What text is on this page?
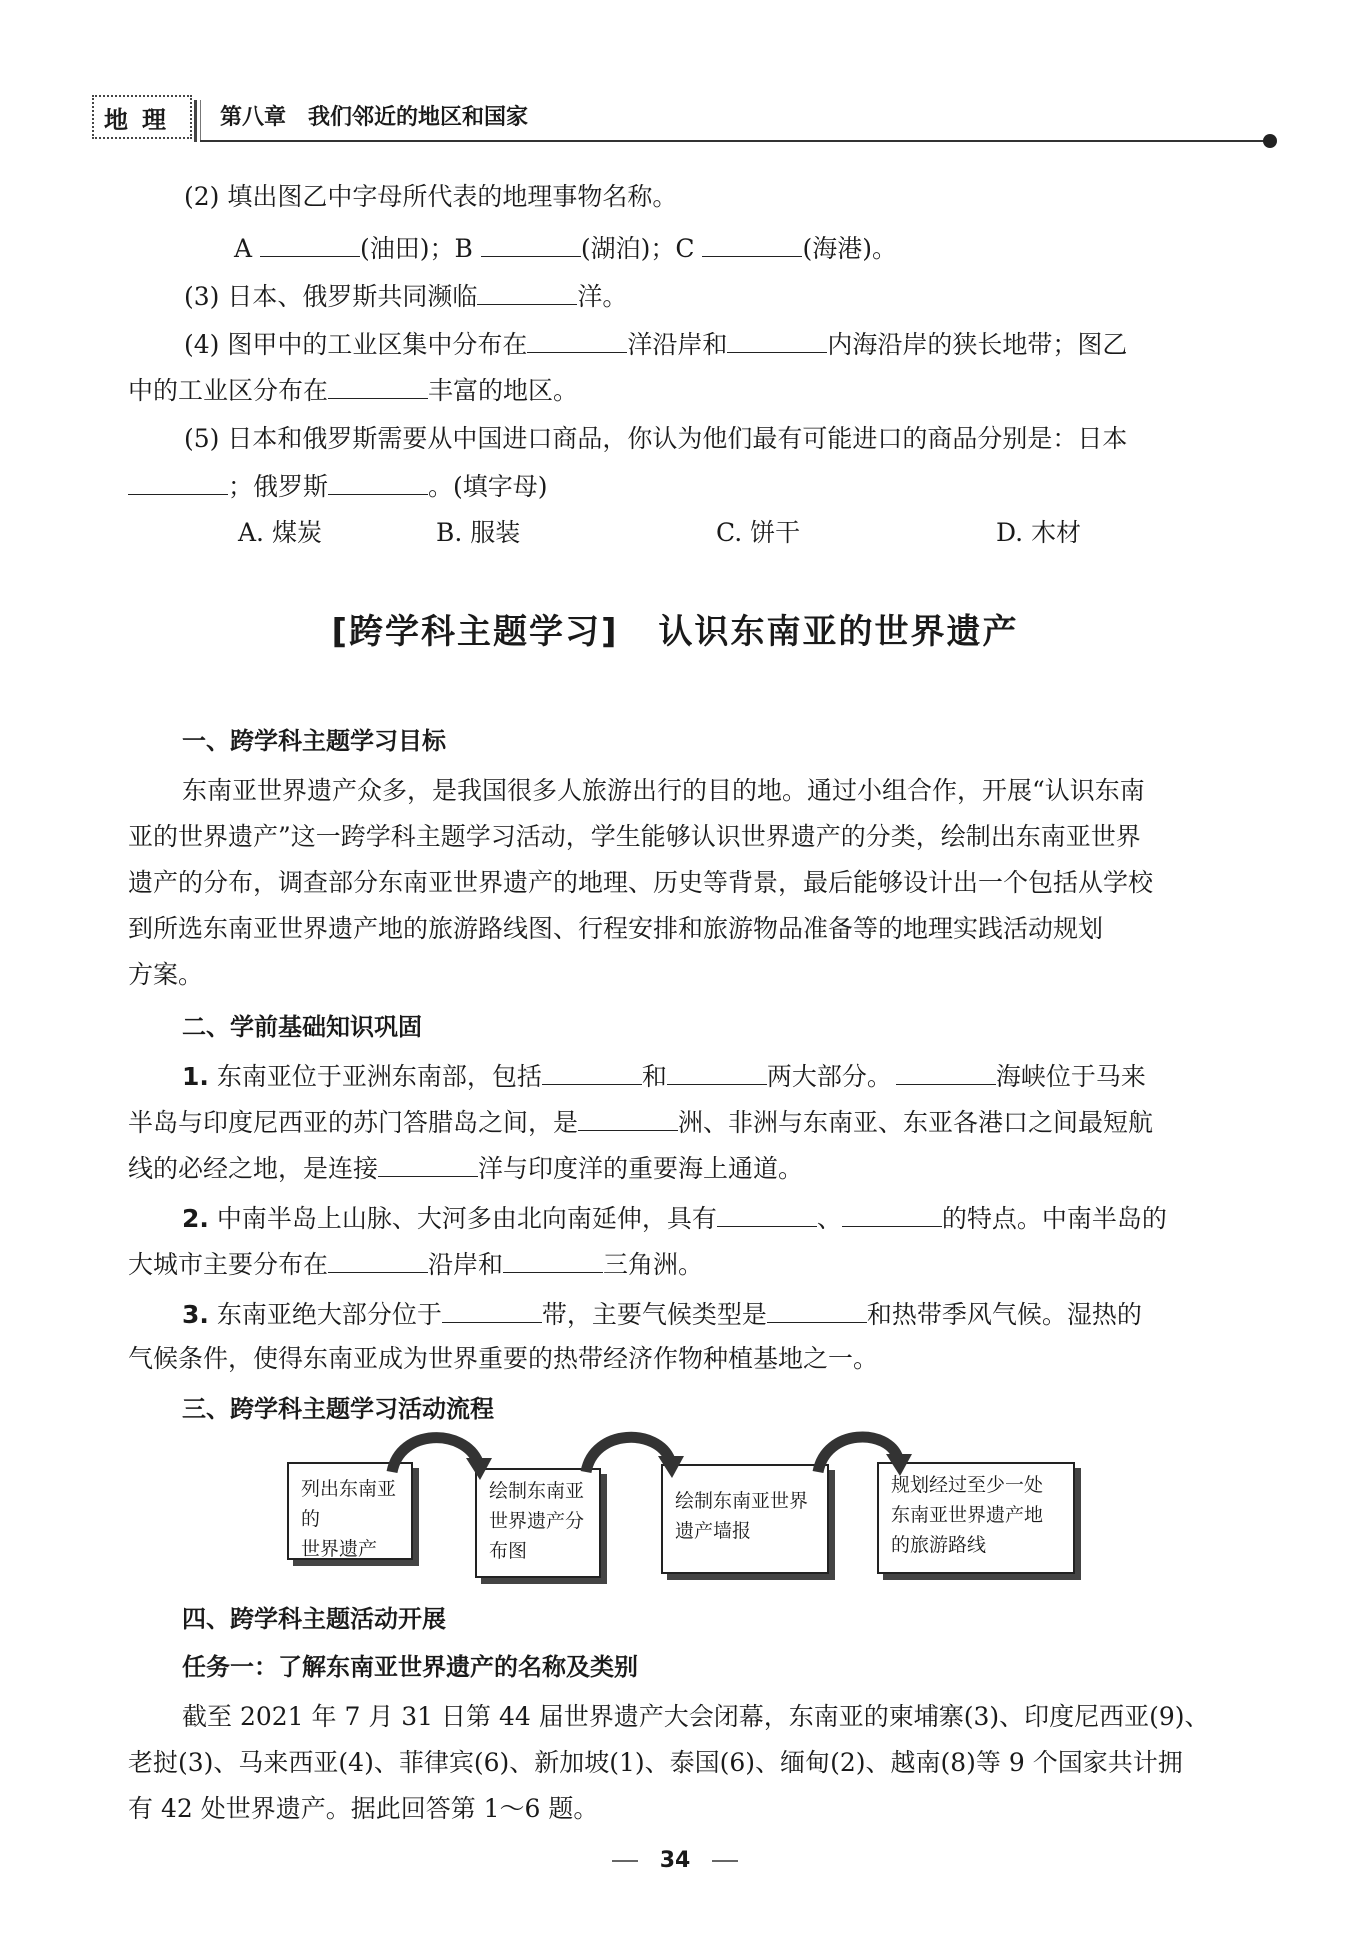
地 理 第八章　我们邻近的地区和国家
(2) 填出图乙中字母所代表的地理事物名称。
A	(油田)；B	(湖泊)；C	(海港)。
(3) 日本、俄罗斯共同濒临	洋。
(4) 图甲中的工业区集中分布在	洋沿岸和	内海沿岸的狭长地带；图乙
中的工业区分布在	丰富的地区。
(5) 日本和俄罗斯需要从中国进口商品，你认为他们最有可能进口的商品分别是：日本
；俄罗斯	。(填字母)
A. 煤炭	B. 服装	C. 饼干	D. 木材
[跨学科主题学习] 认识东南亚的世界遗产
一、跨学科主题学习目标
东南亚世界遗产众多，是我国很多人旅游出行的目的地。通过小组合作，开展“认识东南
亚的世界遗产”这一跨学科主题学习活动，学生能够认识世界遗产的分类，绘制出东南亚世界
遗产的分布，调查部分东南亚世界遗产的地理、历史等背景，最后能够设计出一个包括从学校
到所选东南亚世界遗产地的旅游路线图、行程安排和旅游物品准备等的地理实践活动规划
方案。
二、学前基础知识巩固
1. 东南亚位于亚洲东南部，包括	和	两大部分。	海峡位于马来
半岛与印度尼西亚的苏门答腊岛之间，是	洲、非洲与东南亚、东亚各港口之间最短航
线的必经之地，是连接	洋与印度洋的重要海上通道。
2. 中南半岛上山脉、大河多由北向南延伸，具有	、	的特点。中南半岛的
大城市主要分布在	沿岸和	三角洲。
3. 东南亚绝大部分位于	带，主要气候类型是	和热带季风气候。湿热的
气候条件，使得东南亚成为世界重要的热带经济作物种植基地之一。
三、跨学科主题学习活动流程
列出东南亚的
世界遗产
绘制东南亚
世界遗产分
布图
绘制东南亚世界
遗产墙报
规划经过至少一处
东南亚世界遗产地
的旅游路线
四、跨学科主题活动开展
任务一：了解东南亚世界遗产的名称及类别
截至 2021 年 7 月 31 日第 44 届世界遗产大会闭幕，东南亚的柬埔寨(3)、印度尼西亚(9)、
老挝(3)、马来西亚(4)、菲律宾(6)、新加坡(1)、泰国(6)、缅甸(2)、越南(8)等 9 个国家共计拥
有 42 处世界遗产。据此回答第 1～6 题。
34
